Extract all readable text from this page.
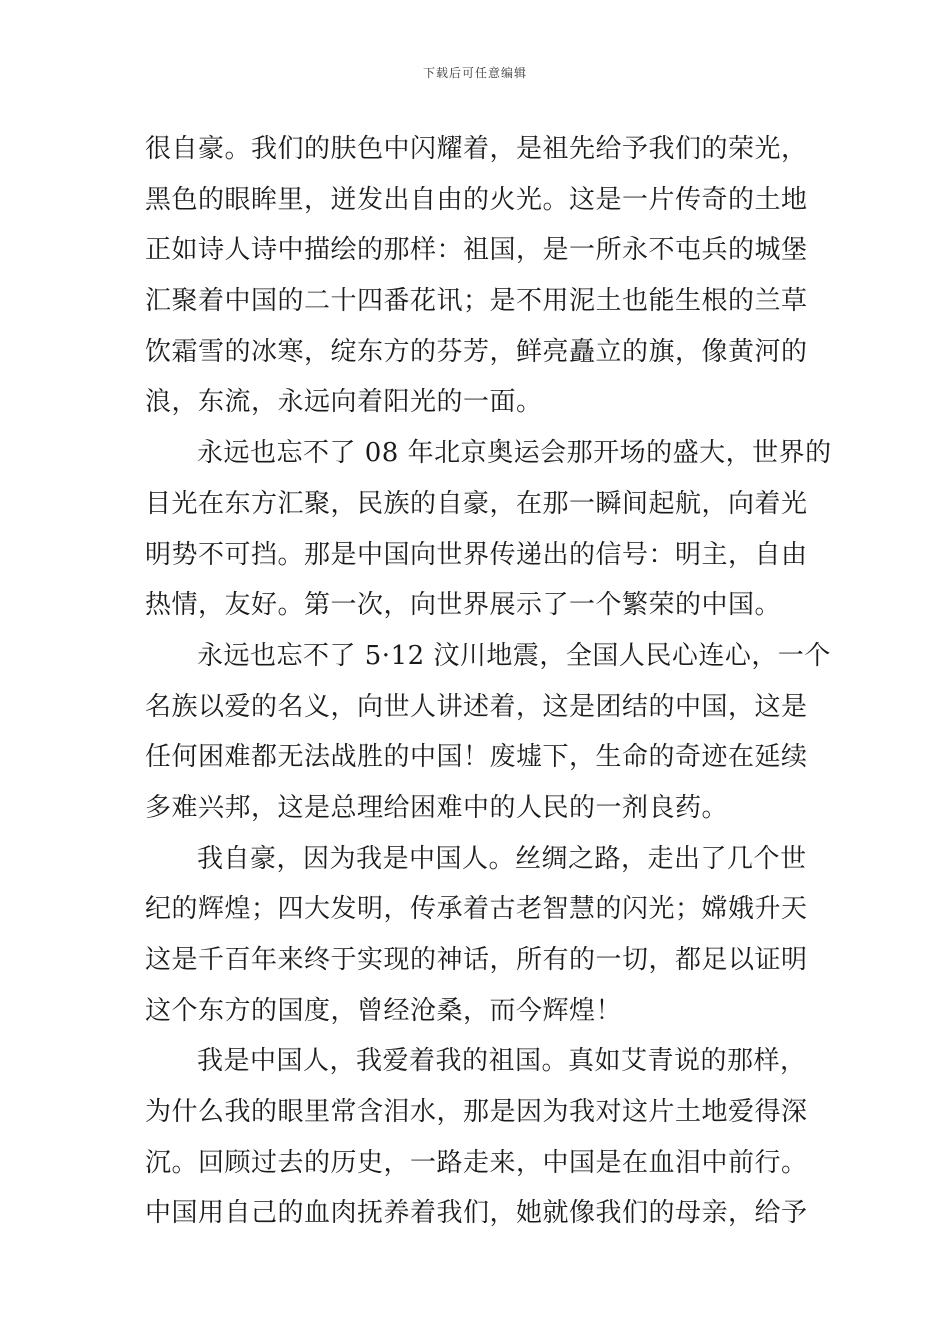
下载后可任意编辑
很自豪。我们的肤色中闪耀着，是祖先给予我们的荣光，
黑色的眼眸里，迸发出自由的火光。这是一片传奇的土地
正如诗人诗中描绘的那样：祖国，是一所永不屯兵的城堡
汇聚着中国的二十四番花讯；是不用泥土也能生根的兰草
饮霜雪的冰寒，绽东方的芬芳，鲜亮矗立的旗，像黄河的
浪，东流，永远向着阳光的一面。
永远也忘不了 08 年北京奥运会那开场的盛大，世界的
目光在东方汇聚，民族的自豪，在那一瞬间起航，向着光
明势不可挡。那是中国向世界传递出的信号：明主，自由
热情，友好。第一次，向世界展示了一个繁荣的中国。
永远也忘不了 5·12 汶川地震，全国人民心连心，一个
名族以爱的名义，向世人讲述着，这是团结的中国，这是
任何困难都无法战胜的中国！废墟下，生命的奇迹在延续
多难兴邦，这是总理给困难中的人民的一剂良药。
我自豪，因为我是中国人。丝绸之路，走出了几个世
纪的辉煌；四大发明，传承着古老智慧的闪光；嫦娥升天
这是千百年来终于实现的神话，所有的一切，都足以证明
这个东方的国度，曾经沧桑，而今辉煌！
我是中国人，我爱着我的祖国。真如艾青说的那样，
为什么我的眼里常含泪水，那是因为我对这片土地爱得深
沉。回顾过去的历史，一路走来，中国是在血泪中前行。
中国用自己的血肉抚养着我们，她就像我们的母亲，给予
